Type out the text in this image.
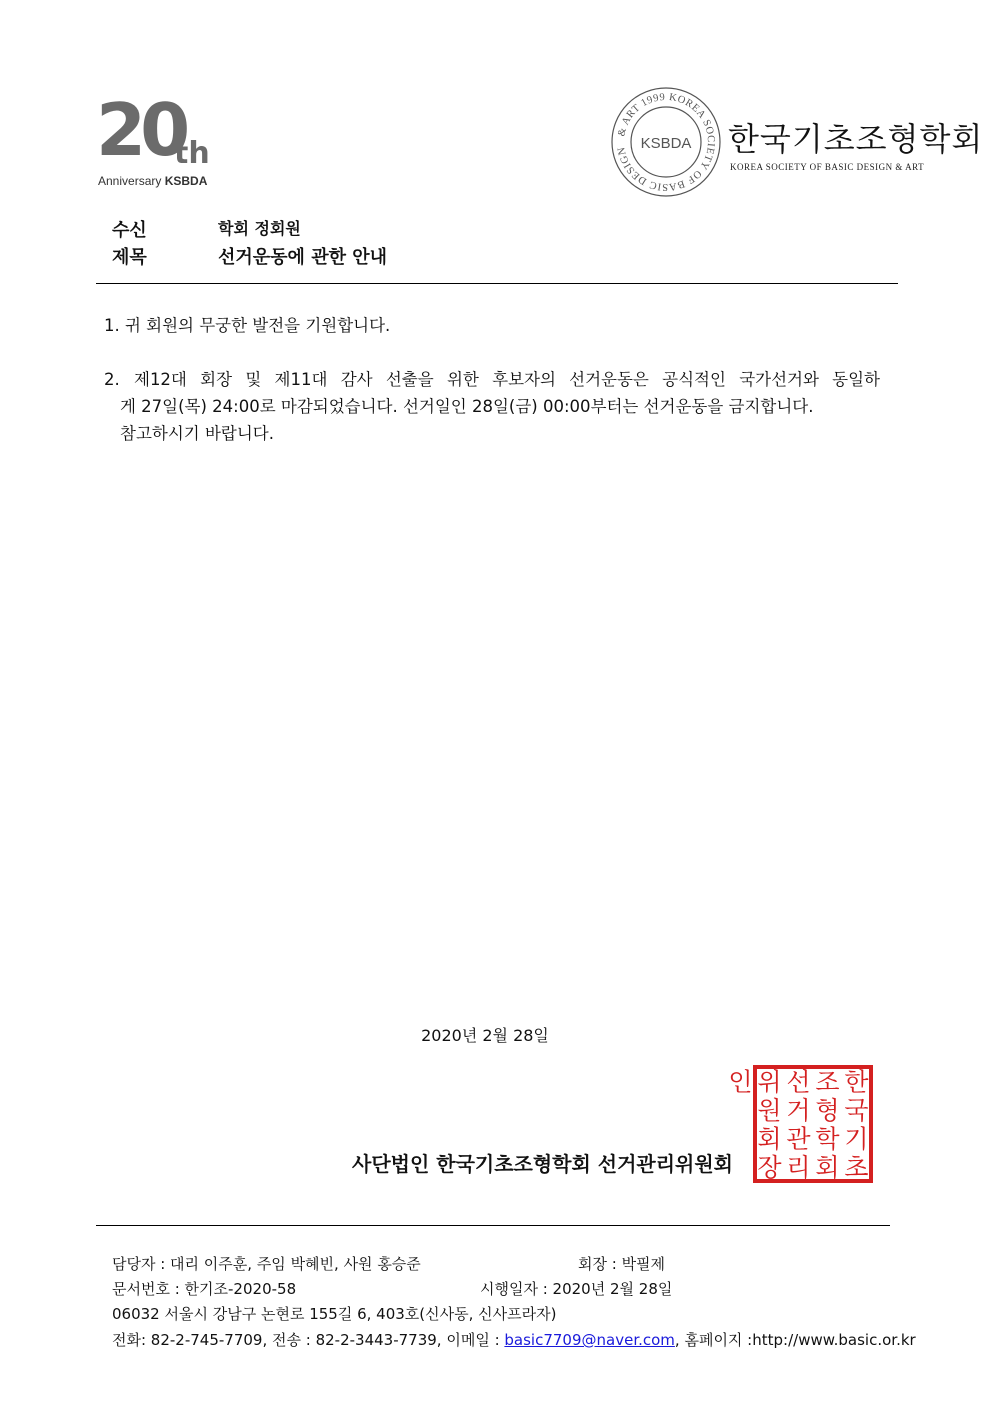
20
th
Anniversary KSBDA
& ART 1999 KOREA SOCIETY OF BASIC DESIGN KSBDA 한국기초조형학회
KOREA SOCIETY OF BASIC DESIGN & ART
수신	학회 정회원
제목	선거운동에 관한 안내
1. 귀 회원의 무궁한 발전을 기원합니다.
2. 제12대 회장 및 제11대 감사 선출을 위한 후보자의 선거운동은 공식적인 국가선거와 동일하
게 27일(목) 24:00로 마감되었습니다. 선거일인 28일(금) 00:00부터는 선거운동을 금지합니다.
참고하시기 바랍니다.
2020년 2월 28일
사단법인 한국기초조형학회 선거관리위원회
한
국
기
초
조
형
학
회
선
거
관
리
위
원
회
장
인
담당자 : 대리 이주훈, 주임 박혜빈, 사원 홍승준	회장 : 박필제
문서번호 : 한기조-2020-58	시행일자 : 2020년 2월 28일
06032 서울시 강남구 논현로 155길 6, 403호(신사동, 신사프라자)
전화: 82-2-745-7709, 전송 : 82-2-3443-7739, 이메일 : basic7709@naver.com, 홈페이지 :http://www.basic.or.kr
